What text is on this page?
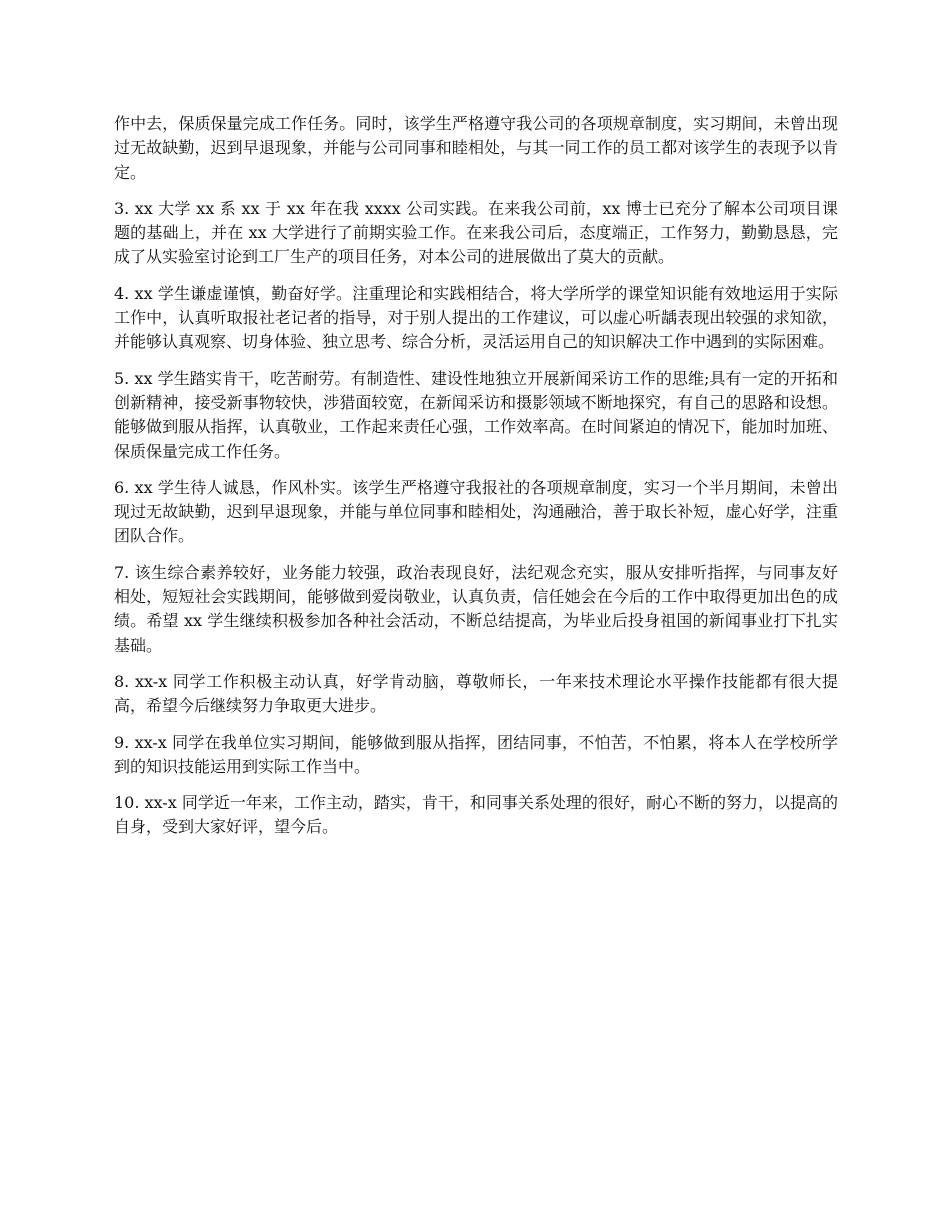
作中去，保质保量完成工作任务。同时，该学生严格遵守我公司的各项规章制度，实习期间，未曾出现过无故缺勤，迟到早退现象，并能与公司同事和睦相处，与其一同工作的员工都对该学生的表现予以肯定。

3. xx 大学 xx 系 xx 于 xx 年在我 xxxx 公司实践。在来我公司前，xx 博士已充分了解本公司项目课题的基础上，并在 xx 大学进行了前期实验工作。在来我公司后，态度端正，工作努力，勤勤恳恳，完成了从实验室讨论到工厂生产的项目任务，对本公司的进展做出了莫大的贡献。

4. xx 学生谦虚谨慎，勤奋好学。注重理论和实践相结合，将大学所学的课堂知识能有效地运用于实际工作中，认真听取报社老记者的指导，对于别人提出的工作建议，可以虚心听龋表现出较强的求知欲，并能够认真观察、切身体验、独立思考、综合分析，灵活运用自己的知识解决工作中遇到的实际困难。

5. xx 学生踏实肯干，吃苦耐劳。有制造性、建设性地独立开展新闻采访工作的思维;具有一定的开拓和创新精神，接受新事物较快，涉猎面较宽，在新闻采访和摄影领域不断地探究，有自己的思路和设想。能够做到服从指挥，认真敬业，工作起来责任心强，工作效率高。在时间紧迫的情况下，能加时加班、保质保量完成工作任务。

6. xx 学生待人诚恳，作风朴实。该学生严格遵守我报社的各项规章制度，实习一个半月期间，未曾出现过无故缺勤，迟到早退现象，并能与单位同事和睦相处，沟通融洽，善于取长补短，虚心好学，注重团队合作。

7. 该生综合素养较好，业务能力较强，政治表现良好，法纪观念充实，服从安排听指挥，与同事友好相处，短短社会实践期间，能够做到爱岗敬业，认真负责，信任她会在今后的工作中取得更加出色的成绩。希望 xx 学生继续积极参加各种社会活动，不断总结提高，为毕业后投身祖国的新闻事业打下扎实基础。

8. xx-x 同学工作积极主动认真，好学肯动脑，尊敬师长，一年来技术理论水平操作技能都有很大提高，希望今后继续努力争取更大进步。

9. xx-x 同学在我单位实习期间，能够做到服从指挥，团结同事，不怕苦，不怕累，将本人在学校所学到的知识技能运用到实际工作当中。

10. xx-x 同学近一年来，工作主动，踏实，肯干，和同事关系处理的很好，耐心不断的努力，以提高的自身，受到大家好评，望今后。
